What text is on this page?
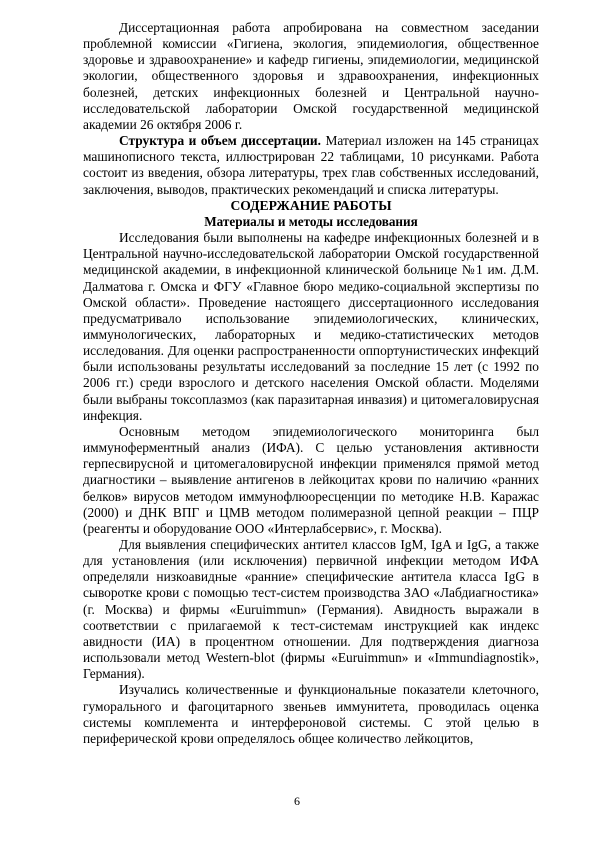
Диссертационная работа апробирована на совместном заседании проблемной комиссии «Гигиена, экология, эпидемиология, общественное здоровье и здравоохранение» и кафедр гигиены, эпидемиологии, медицинской экологии, общественного здоровья и здравоохранения, инфекционных болезней, детских инфекционных болезней и Центральной научно-исследовательской лаборатории Омской государственной медицинской академии 26 октября 2006 г.

Структура и объем диссертации. Материал изложен на 145 страницах машинописного текста, иллюстрирован 22 таблицами, 10 рисунками. Работа состоит из введения, обзора литературы, трех глав собственных исследований, заключения, выводов, практических рекомендаций и списка литературы.

СОДЕРЖАНИЕ РАБОТЫ

Материалы и методы исследования

Исследования были выполнены на кафедре инфекционных болезней и в Центральной научно-исследовательской лаборатории Омской государственной медицинской академии, в инфекционной клинической больнице №1 им. Д.М. Далматова г. Омска и ФГУ «Главное бюро медико-социальной экспертизы по Омской области». Проведение настоящего диссертационного исследования предусматривало использование эпидемиологических, клинических, иммунологических, лабораторных и медико-статистических методов исследования. Для оценки распространенности оппортунистических инфекций были использованы результаты исследований за последние 15 лет (с 1992 по 2006 гг.) среди взрослого и детского населения Омской области. Моделями были выбраны токсоплазмоз (как паразитарная инвазия) и цитомегаловирусная инфекция.

Основным методом эпидемиологического мониторинга был иммуноферментный анализ (ИФА). С целью установления активности герпесвирусной и цитомегаловирусной инфекции применялся прямой метод диагностики – выявление антигенов в лейкоцитах крови по наличию «ранних белков» вирусов методом иммунофлюоресценции по методике Н.В. Каражас (2000) и ДНК ВПГ и ЦМВ методом полимеразной цепной реакции – ПЦР (реагенты и оборудование ООО «Интерлабсервис», г. Москва).

Для выявления специфических антител классов IgM, IgA и IgG, а также для установления (или исключения) первичной инфекции методом ИФА определяли низкоавидные «ранние» специфические антитела класса IgG в сыворотке крови с помощью тест-систем производства ЗАО «Лабдиагностика» (г. Москва) и фирмы «Euruimmun» (Германия). Авидность выражали в соответствии с прилагаемой к тест-системам инструкцией как индекс авидности (ИА) в процентном отношении. Для подтверждения диагноза использовали метод Western-blot (фирмы «Euruimmun» и «Immundiagnostik», Германия).

Изучались количественные и функциональные показатели клеточного, гуморального и фагоцитарного звеньев иммунитета, проводилась оценка системы комплемента и интерфероновой системы. С этой целью в периферической крови определялось общее количество лейкоцитов,

6
